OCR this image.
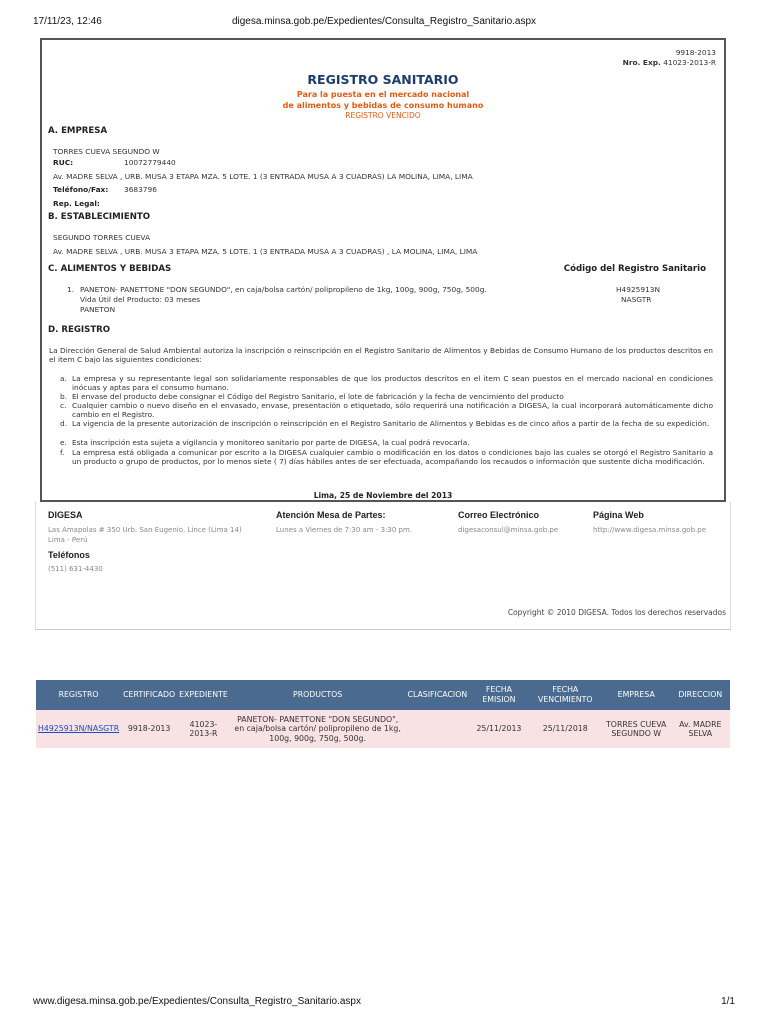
17/11/23, 12:46	digesa.minsa.gob.pe/Expedientes/Consulta_Registro_Sanitario.aspx
9918-2013
Nro. Exp. 41023-2013-R
REGISTRO SANITARIO
Para la puesta en el mercado nacional
de alimentos y bebidas de consumo humano
REGISTRO VENCIDO
A. EMPRESA
TORRES CUEVA SEGUNDO W
RUC:	10072779440
Av. MADRE SELVA , URB. MUSA 3 ETAPA MZA. 5 LOTE. 1 (3 ENTRADA MUSA A 3 CUADRAS) LA MOLINA, LIMA, LIMA
Teléfono/Fax: 3683796
Rep. Legal:
B. ESTABLECIMIENTO
SEGUNDO TORRES CUEVA
Av. MADRE SELVA , URB. MUSA 3 ETAPA MZA. 5 LOTE. 1 (3 ENTRADA MUSA A 3 CUADRAS) , LA MOLINA, LIMA, LIMA
C. ALIMENTOS Y BEBIDAS	Código del Registro Sanitario
1. PANETON- PANETTONE "DON SEGUNDO", en caja/bolsa cartón/ polipropileno de 1kg, 100g, 900g, 750g, 500g.
Vida Útil del Producto: 03 meses
PANETON
H4925913N
NASGTR
D. REGISTRO
La Dirección General de Salud Ambiental autoriza la inscripción o reinscripción en el Registro Sanitario de Alimentos y Bebidas de Consumo Humano de los productos descritos en el item C bajo las siguientes condiciones:
a. La empresa y su representante legal son solidariamente responsables de que los productos descritos en el item C sean puestos en el mercado nacional en condiciones inócuas y aptas para el consumo humano.
b. El envase del producto debe consignar el Código del Registro Sanitario, el lote de fabricación y la fecha de vencimiento del producto
c. Cualquier cambio o nuevo diseño en el envasado, envase, presentación o etiquetado, sólo requerirá una notificación a DIGESA, la cual incorporará automáticamente dicho cambio en el Registro.
d. La vigencia de la presente autorización de inscripción o reinscripción en el Registro Sanitario de Alimentos y Bebidas es de cinco años a partir de la fecha de su expedición.
e. Esta inscripción esta sujeta a vigilancia y monitoreo sanitario por parte de DIGESA, la cual podrá revocarla.
f. La empresa está obligada a comunicar por escrito a la DIGESA cualquier cambio o modificación en los datos o condiciones bajo las cuales se otorgó el Registro Sanitario a un producto o grupo de productos, por lo menos siete ( 7) días hábiles antes de ser efectuada, acompañando los recaudos o información que sustente dicha modificación.
Lima, 25 de Noviembre del 2013
DIGESA
Las Amapolas # 350 Urb. San Eugenio, Lince (Lima 14)
Lima - Perú
Atención Mesa de Partes:
Lunes a Viernes de 7:30 am - 3:30 pm.
Correo Electrónico
digesaconsul@minsa.gob.pe
Página Web
http://www.digesa.minsa.gob.pe
Teléfonos
(511) 631-4430
Copyright © 2010 DIGESA. Todos los derechos reservados
REGISTRO	CERTIFICADO	EXPEDIENTE	PRODUCTOS	CLASIFICACION	FECHA EMISION	FECHA VENCIMIENTO	EMPRESA	DIRECCION
H4925913N/NASGTR	9918-2013	41023-2013-R	PANETON- PANETTONE "DON SEGUNDO", en caja/bolsa cartón/ polipropileno de 1kg, 100g, 900g, 750g, 500g.		25/11/2013	25/11/2018	TORRES CUEVA SEGUNDO W	Av. MADRE SELVA
www.digesa.minsa.gob.pe/Expedientes/Consulta_Registro_Sanitario.aspx	1/1
